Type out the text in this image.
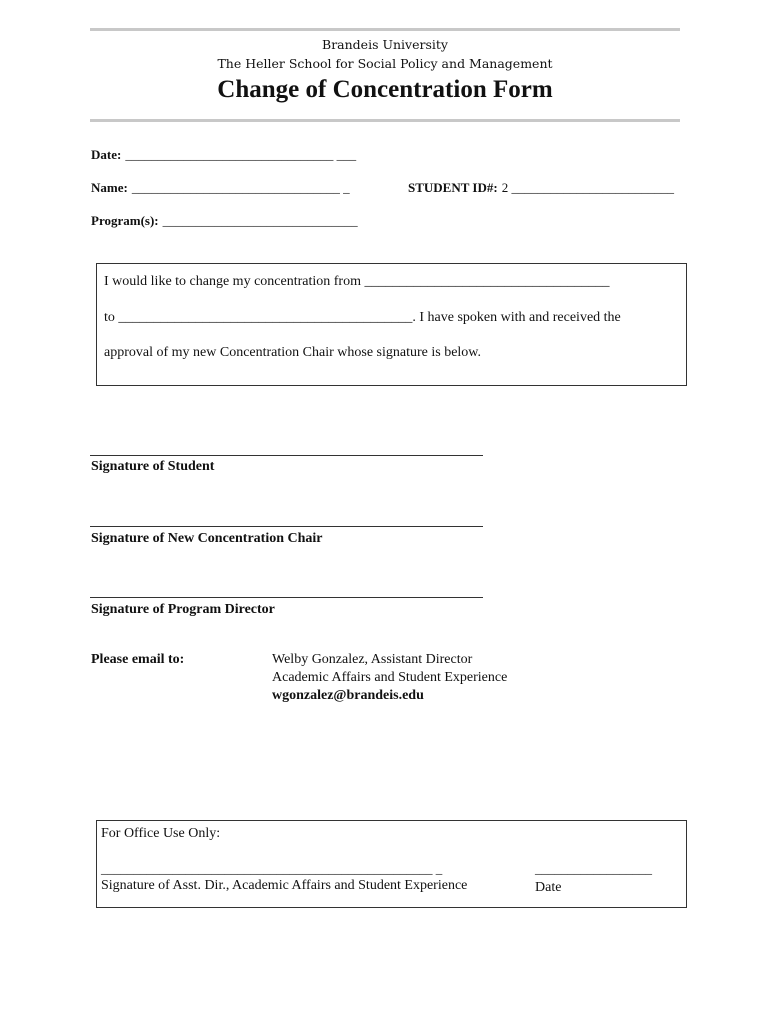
Brandeis University
The Heller School for Social Policy and Management
Change of Concentration Form
Date: ________________________________ ___
Name: ________________________________ _	STUDENT ID#: 2 _________________________
Program(s): ______________________________
I would like to change my concentration from ___________________________________
to __________________________________________. I have spoken with and received the
approval of my new Concentration Chair whose signature is below.
Signature of Student
Signature of New Concentration Chair
Signature of Program Director
Please email to:	Welby Gonzalez, Assistant Director
Academic Affairs and Student Experience
wgonzalez@brandeis.edu
For Office Use Only:
___________________________________________________ _
Signature of Asst. Dir., Academic Affairs and Student Experience
__________________
Date
